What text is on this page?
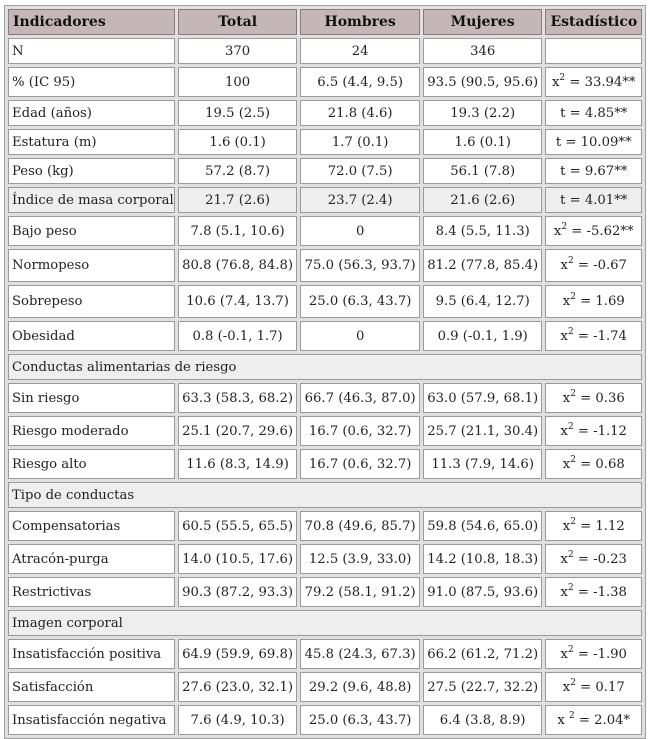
Indicadores	Total	Hombres	Mujeres	Estadístico
N	370	24	346	
% (IC 95)	100	6.5 (4.4, 9.5)	93.5 (90.5, 95.6)	$x^2 = 33.94**$
Edad (años)	19.5 (2.5)	21.8 (4.6)	19.3 (2.2)	t = 4.85**
Estatura (m)	1.6 (0.1)	1.7 (0.1)	1.6 (0.1)	t = 10.09**
Peso (kg)	57.2 (8.7)	72.0 (7.5)	56.1 (7.8)	t = 9.67**
Índice de masa corporal	21.7 (2.6)	23.7 (2.4)	21.6 (2.6)	t = 4.01**
Bajo peso	7.8 (5.1, 10.6)	0	8.4 (5.5, 11.3)	$x^2 = -5.62**$
Normopeso	80.8 (76.8, 84.8)	75.0 (56.3, 93.7)	81.2 (77.8, 85.4)	$x^2 = -0.67$
Sobrepeso	10.6 (7.4, 13.7)	25.0 (6.3, 43.7)	9.5 (6.4, 12.7)	$x^2 = 1.69$
Obesidad	0.8 (-0.1, 1.7)	0	0.9 (-0.1, 1.9)	$x^2 = -1.74$
Conductas alimentarias de riesgo				
Sin riesgo	63.3 (58.3, 68.2)	66.7 (46.3, 87.0)	63.0 (57.9, 68.1)	$x^2 = 0.36$
Riesgo moderado	25.1 (20.7, 29.6)	16.7 (0.6, 32.7)	25.7 (21.1, 30.4)	$x^2 = -1.12$
Riesgo alto	11.6 (8.3, 14.9)	16.7 (0.6, 32.7)	11.3 (7.9, 14.6)	$x^2 = 0.68$
Tipo de conductas				
Compensatorias	60.5 (55.5, 65.5)	70.8 (49.6, 85.7)	59.8 (54.6, 65.0)	$x^2 = 1.12$
Atracón-purga	14.0 (10.5, 17.6)	12.5 (3.9, 33.0)	14.2 (10.8, 18.3)	$x^2 = -0.23$
Restrictivas	90.3 (87.2, 93.3)	79.2 (58.1, 91.2)	91.0 (87.5, 93.6)	$x^2 = -1.38$
Imagen corporal				
Insatisfacción positiva	64.9 (59.9, 69.8)	45.8 (24.3, 67.3)	66.2 (61.2, 71.2)	$x^2 = -1.90$
Satisfacción	27.6 (23.0, 32.1)	29.2 (9.6, 48.8)	27.5 (22.7, 32.2)	$x^2 = 0.17$
Insatisfacción negativa	7.6 (4.9, 10.3)	25.0 (6.3, 43.7)	6.4 (3.8, 8.9)	x $^2$ = 2.04*
